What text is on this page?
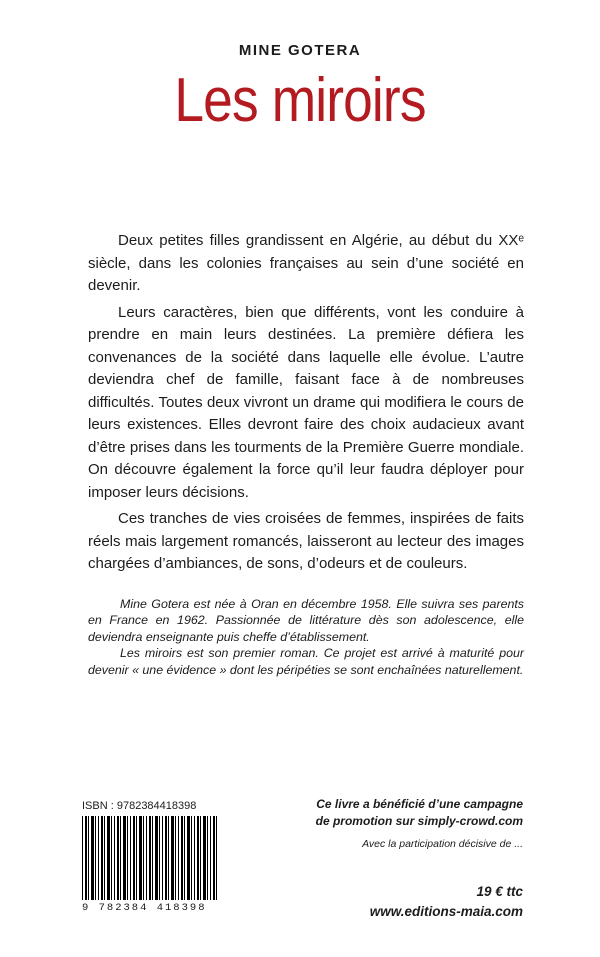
MINE GOTERA
Les miroirs

Deux petites filles grandissent en Algérie, au début du XXᵉ siècle, dans les colonies françaises au sein d’une société en devenir.

Leurs caractères, bien que différents, vont les conduire à prendre en main leurs destinées. La première défiera les convenances de la société dans laquelle elle évolue. L’autre deviendra chef de famille, faisant face à de nombreuses difficultés. Toutes deux vivront un drame qui modifiera le cours de leurs existences. Elles devront faire des choix audacieux avant d’être prises dans les tourments de la Première Guerre mondiale. On découvre également la force qu’il leur faudra déployer pour imposer leurs décisions.

Ces tranches de vies croisées de femmes, inspirées de faits réels mais largement romancés, laisseront au lecteur des images chargées d’ambiances, de sons, d’odeurs et de couleurs.

Mine Gotera est née à Oran en décembre 1958. Elle suivra ses parents en France en 1962. Passionnée de littérature dès son adolescence, elle deviendra enseignante puis cheffe d’établissement.

Les miroirs est son premier roman. Ce projet est arrivé à maturité pour devenir « une évidence » dont les péripéties se sont enchaînées naturellement.

ISBN : 9782384418398
9 782384 418398
Ce livre a bénéficié d’une campagne
de promotion sur simply-crowd.com
Avec la participation décisive de ...
19 € ttc
www.editions-maia.com
